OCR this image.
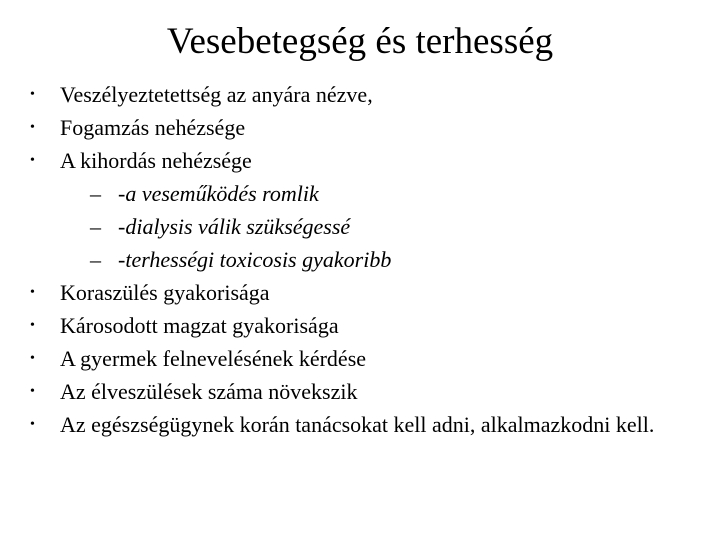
Vesebetegség és terhesség
•	Veszélyeztetettség az anyára nézve,
•	Fogamzás nehézsége
•	A kihordás nehézsége
– -a veseműködés romlik
– -dialysis válik szükségessé
– -terhességi toxicosis gyakoribb
•	Koraszülés gyakorisága
•	Károsodott magzat gyakorisága
•	A gyermek felnevelésének kérdése
•	Az élveszülések száma növekszik
•	Az egészségügynek korán tanácsokat kell adni, alkalmazkodni kell.
